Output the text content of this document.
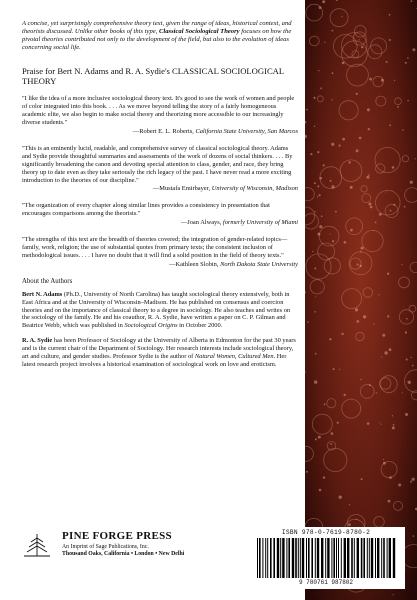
A concise, yet surprisingly comprehensive theory text, given the range of ideas, historical context, and theorists discussed. Unlike other books of this type, Classical Sociological Theory focuses on how the pivotal theories contributed not only to the development of the field, but also to the evolution of ideas concerning social life.

Praise for Bert N. Adams and R. A. Sydie's CLASSICAL SOCIOLOGICAL THEORY

"I like the idea of a more inclusive sociological theory text. It's good to see the work of women and people of color integrated into this book. . . . As we move beyond telling the story of a fairly homogeneous academic elite, we also begin to make social theory and theorizing more accessible to our increasingly diverse students."

—Robert E. L. Roberts, California State University, San Marcos

"This is an eminently lucid, readable, and comprehensive survey of classical sociological theory. Adams and Sydie provide thoughtful summaries and assessments of the work of dozens of social thinkers. . . . By significantly broadening the canon and devoting special attention to class, gender, and race, they bring theory up to date even as they take seriously the rich legacy of the past. I have never read a more exciting introduction to the theories of our discipline."

—Mustafa Emirbayer, University of Wisconsin, Madison

"The organization of every chapter along similar lines provides a consistency in presentation that encourages comparisons among the theorists."

—Joan Always, formerly University of Miami

"The strengths of this text are the breadth of theories covered; the integration of gender-related topics—family, work, religion; the use of substantial quotes from primary texts; the consistent inclusion of methodological issues. . . . I have no doubt that it will find a solid position in the field of theory texts."

—Kathleen Slobin, North Dakota State University

About the Authors

Bert N. Adams (Ph.D., University of North Carolina) has taught sociological theory extensively, both in East Africa and at the University of Wisconsin–Madison. He has published on consensus and coercion theories and on the importance of classical theory to a degree in sociology. He also teaches and writes on the sociology of the family. He and his coauthor, R. A. Sydie, have written a paper on C. P. Gilman and Beatrice Webb, which was published in Sociological Origins in October 2000.

R. A. Sydie has been Professor of Sociology at the University of Alberta in Edmonton for the past 30 years and is the current chair of the Department of Sociology. Her research interests include sociological theory, art and culture, and gender studies. Professor Sydie is the author of Natural Women, Cultured Men. Her latest research project involves a historical examination of sociological work on love and eroticism.

PINE FORGE PRESS
An Imprint of Sage Publications, Inc.
Thousand Oaks, California • London • New Delhi
ISBN 978-0-7619-8780-2
9 780761 987802
